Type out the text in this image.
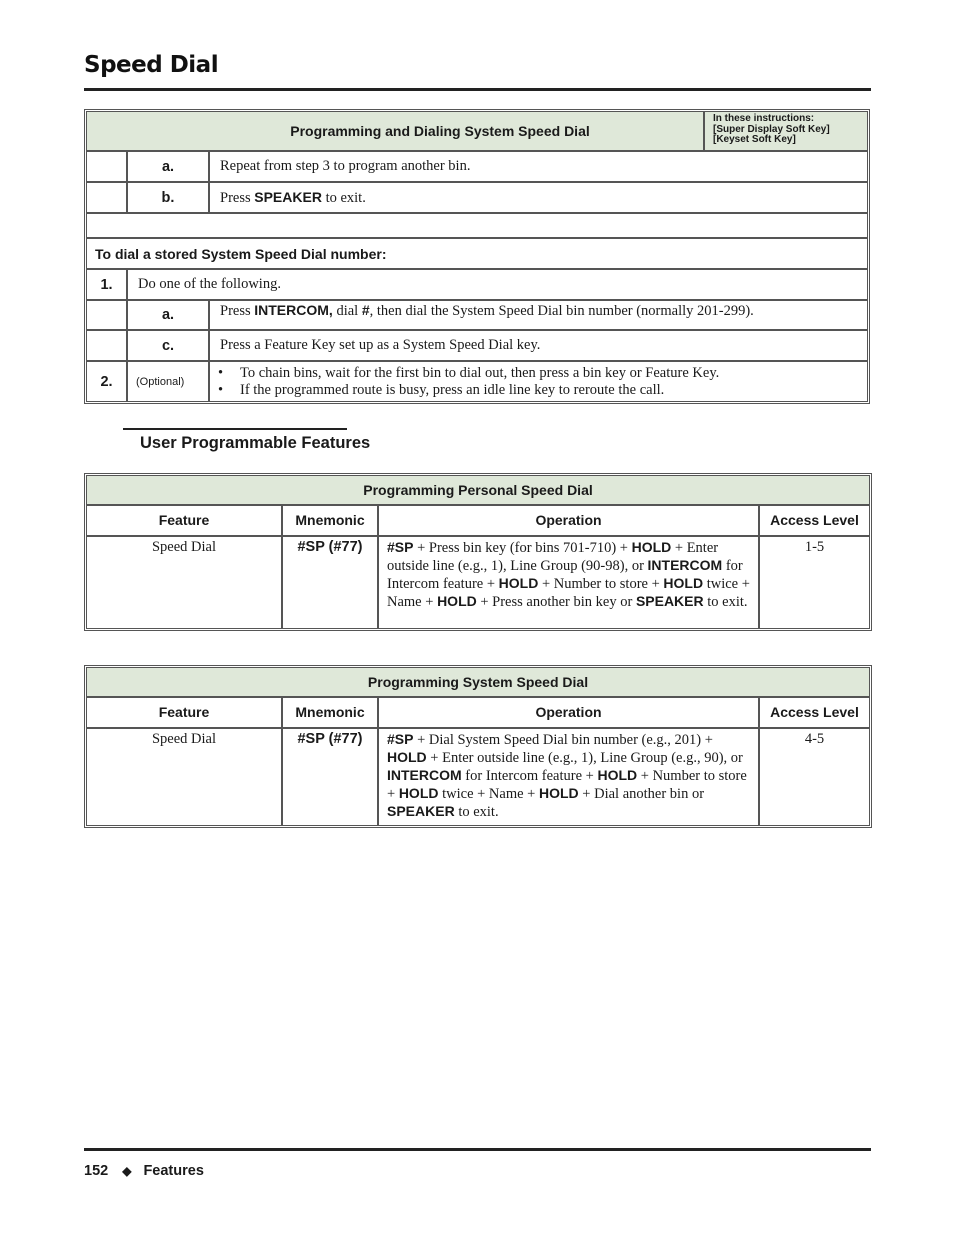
Speed Dial
Programming and Dialing System Speed Dial			In these instructions:
[Super Display Soft Key]
[Keyset Soft Key]

	a.	Repeat from step 3 to program another bin.	
	b.	Press SPEAKER to exit.	

To dial a stored System Speed Dial number:			
1.	Do one of the following.		
	a.	Press INTERCOM, dial #, then dial the System Speed Dial bin number (normally 201-299).	
	c.	Press a Feature Key set up as a System Speed Dial key.	
2.	(Optional)	• To chain bins, wait for the first bin to dial out, then press a bin key or Feature Key.
• If the programmed route is busy, press an idle line key to reroute the call.	
User Programmable Features
Programming Personal Speed Dial			
Feature	Mnemonic	Operation	Access Level
Speed Dial	#SP (#77)	#SP + Press bin key (for bins 701-710) + HOLD + Enter outside line (e.g., 1), Line Group (90-98), or INTERCOM for Intercom feature + HOLD + Number to store + HOLD twice + Name + HOLD + Press another bin key or SPEAKER to exit.	1-5
Programming System Speed Dial			
Feature	Mnemonic	Operation	Access Level
Speed Dial	#SP (#77)	#SP + Dial System Speed Dial bin number (e.g., 201) + HOLD + Enter outside line (e.g., 1), Line Group (e.g., 90), or INTERCOM for Intercom feature + HOLD + Number to store + HOLD twice + Name + HOLD + Dial another bin or SPEAKER to exit.	4-5
152 ◆ Features
